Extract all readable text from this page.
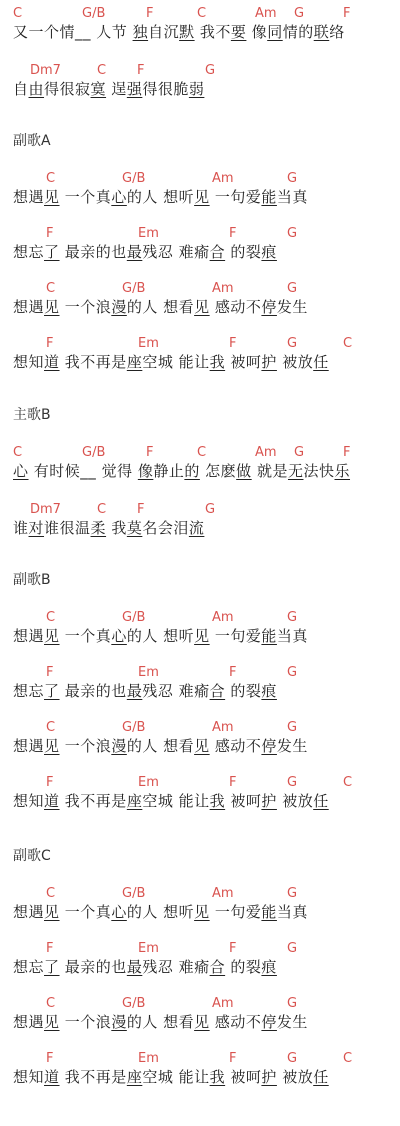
C	G/B	F	C	Am G	F
又一个情__ 人节 独自沉默 我不要 像同情的联络
Dm7	C F	G
自由得很寂寞 逞强得很脆弱
副歌A
C	G/B	Am	G
想遇见 一个真心的人 想听见 一句爱能当真
F	Em	F	G
想忘了 最亲的也最残忍 难瘉合 的裂痕
C	G/B	Am	G
想遇见 一个浪漫的人 想看见 感动不停发生
F	Em	F	G	C
想知道 我不再是座空城 能让我 被呵护 被放任
主歌B
C	G/B	F	C	Am G	F
心 有时候__ 觉得 像静止的 怎麽做 就是无法快乐
Dm7	C F	G
谁对谁很温柔 我莫名会泪流
副歌B
C	G/B	Am	G
想遇见 一个真心的人 想听见 一句爱能当真
F	Em	F	G
想忘了 最亲的也最残忍 难瘉合 的裂痕
C	G/B	Am	G
想遇见 一个浪漫的人 想看见 感动不停发生
F	Em	F	G	C
想知道 我不再是座空城 能让我 被呵护 被放任
副歌C
C	G/B	Am	G
想遇见 一个真心的人 想听见 一句爱能当真
F	Em	F	G
想忘了 最亲的也最残忍 难瘉合 的裂痕
C	G/B	Am	G
想遇见 一个浪漫的人 想看见 感动不停发生
F	Em	F	G	C
想知道 我不再是座空城 能让我 被呵护 被放任
